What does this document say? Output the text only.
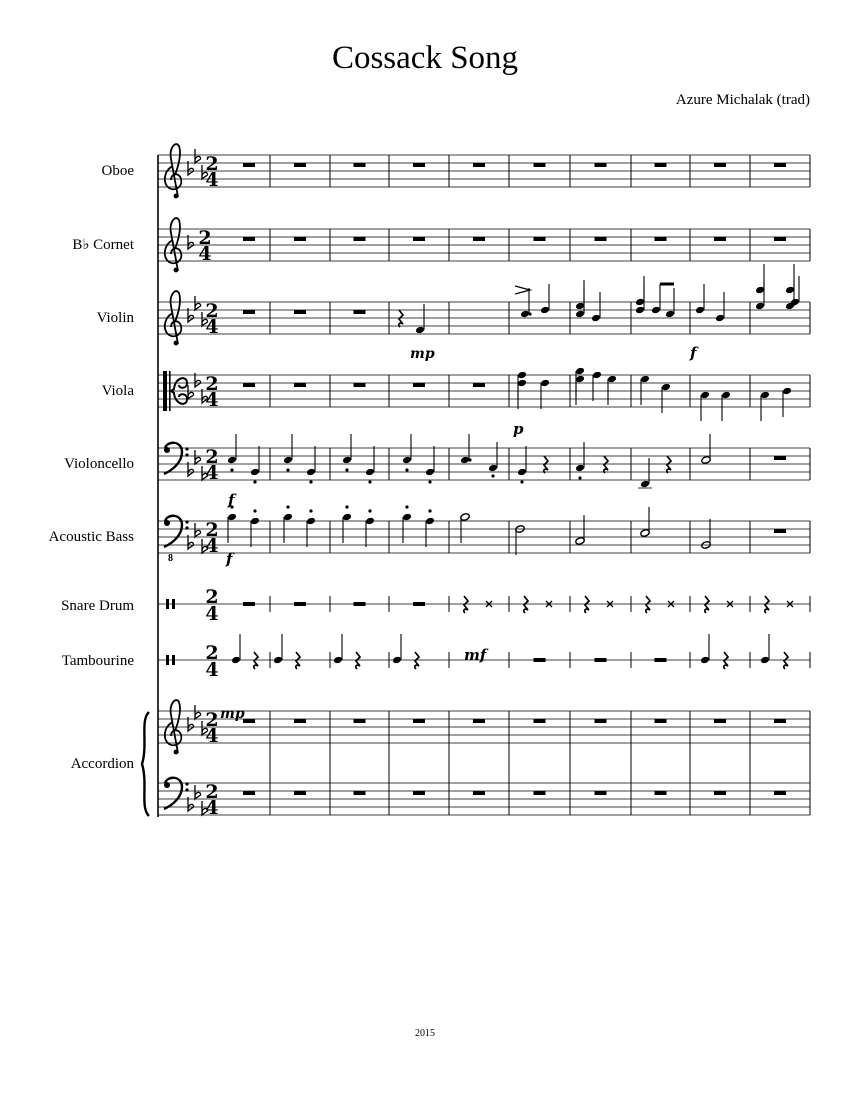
Cossack Song
Azure Michalak (trad)
Oboe
B♭ Cornet
Violin
Viola
Violoncello
Acoustic Bass
Snare Drum
Tambourine
Accordion
2
4
2
4
2
4
2
4
2
4
2
4
2
4
2
4
2
4
2
4
mp	f
p
f
f
mf
mp
8
2015
